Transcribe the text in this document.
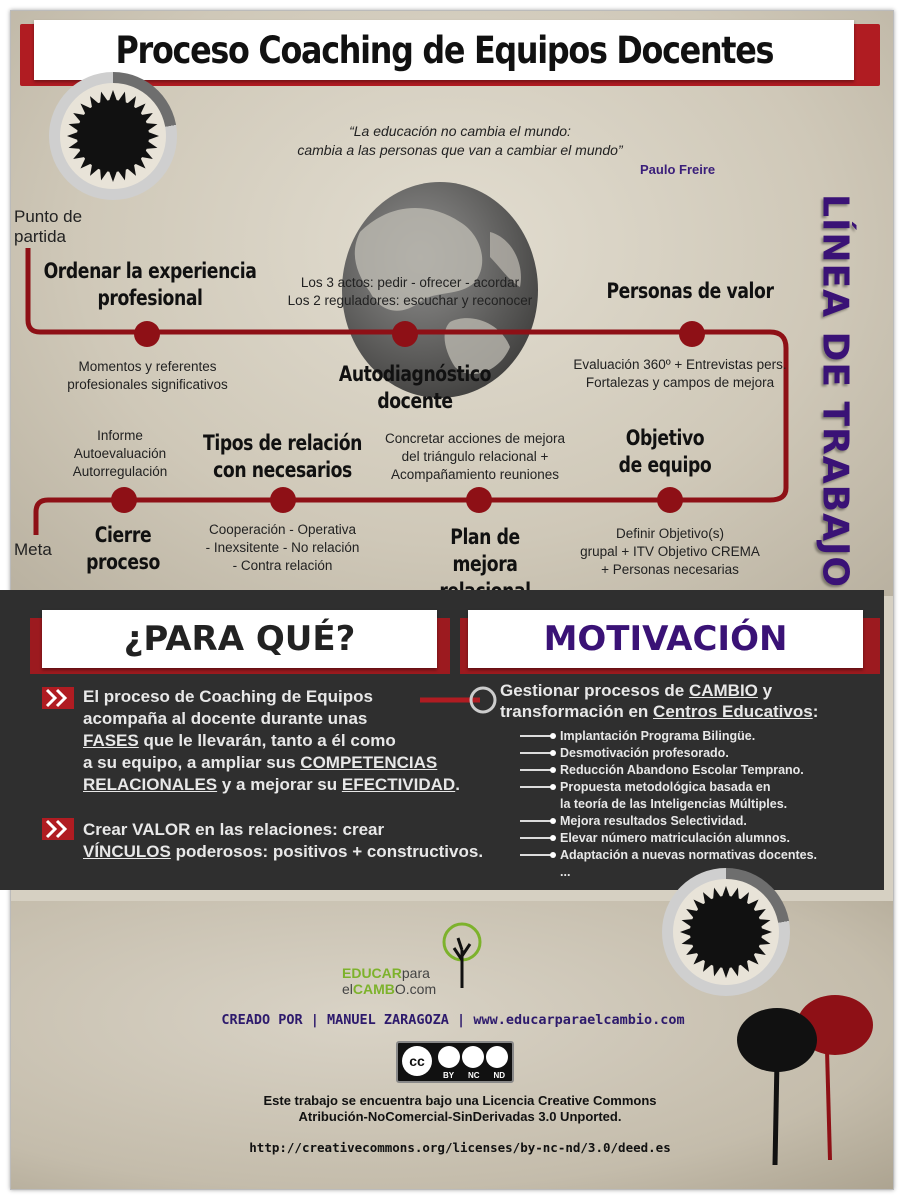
Proceso Coaching de Equipos Docentes
“La educación no cambia el mundo:
cambia a las personas que van a cambiar el mundo”
Paulo Freire
Punto de
partida
Meta	LÍNEA DE TRABAJO
Ordenar la experiencia profesional
Momentos y referentes
profesionales significativos
Los 3 actos: pedir - ofrecer - acordar
Los 2 reguladores: escuchar y reconocer
Autodiagnóstico docente
Personas de valor
Evaluación 360º + Entrevistas pers.
Fortalezas y campos de mejora
Informe
Autoevaluación
Autorregulación
Cierre proceso
Tipos de relación con necesarios
Cooperación - Operativa
- Inexsitente - No relación
- Contra relación
Concretar acciones de mejora
del triángulo relacional +
Acompañamiento reuniones
Plan de mejora
Objetivo de equipo
Definir Objetivo(s)
grupal + ITV Objetivo CREMA
+ Personas necesarias
¿PARA QUÉ?	MOTIVACIÓN
El proceso de Coaching de Equipos
acompaña al docente durante unas
FASES que le llevarán, tanto a él como
a su equipo, a ampliar sus COMPETENCIAS
RELACIONALES y a mejorar su EFECTIVIDAD.
Crear VALOR en las relaciones: crear
VÍNCULOS poderosos: positivos + constructivos.
Gestionar procesos de CAMBIO y
transformación en Centros Educativos:
Implantación Programa Bilingüe.
Desmotivación profesorado.
Reducción Abandono Escolar Temprano.
Propuesta metodológica basada en
la teoría de las Inteligencias Múltiples.
Mejora resultados Selectividad.
Elevar número matriculación alumnos.
Adaptación a nuevas normativas docentes.
...
EDUCARpara
elCAMBO.com
CREADO POR | MANUEL ZARAGOZA | www.educarparaelcambio.com
cc
BY NC ND
Este trabajo se encuentra bajo una Licencia Creative Commons
Atribución-NoComercial-SinDerivadas 3.0 Unported.
http://creativecommons.org/licenses/by-nc-nd/3.0/deed.es
